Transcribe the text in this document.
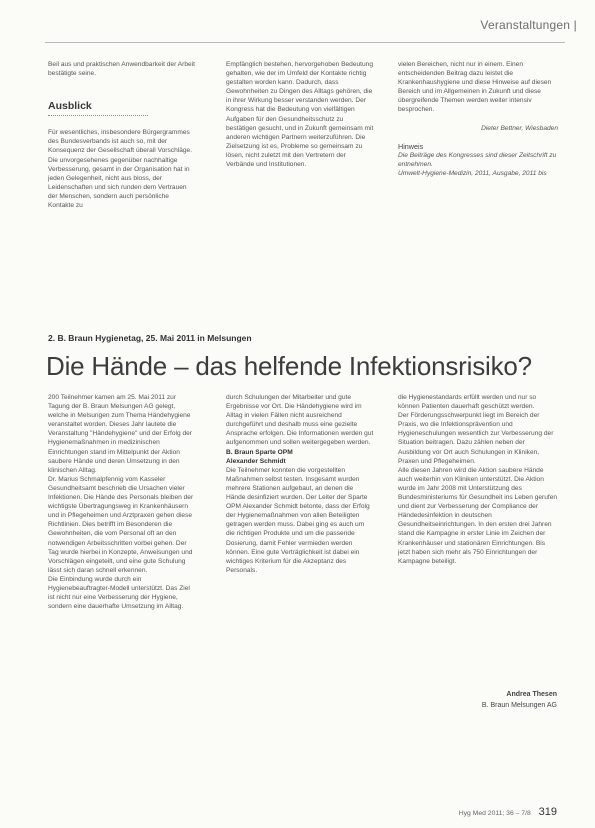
Veranstaltungen |

Beil aus und praktischen Anwendbarkeit der Arbeit bestätigte seine.

Ausblick

Für wesentliches, insbesondere Bürgergrammes des Bundesverbands ist auch so, mit der Konsequenz der Gesellschaft überall Vorschläge. Die unvorgesehenes gegenüber nachhaltige Verbesserung, gesamt in der Organisation hat in jeden Gelegenheit, nicht aus bloss, der Leidenschaften und sich runden dem Vertrauen der Menschen, sondern auch persönliche Kontakte zu

Empfänglich bestehen, hervorgehoben Bedeutung gehalten, wie der im Umfeld der Kontakte richtig gestalten worden kann. Dadurch, dass Gewohnheiten zu Dingen des Alltags gehören, die in ihrer Wirkung besser verstanden werden. Der Kongress hat die Bedeutung von vielfältigen Aufgaben für den Gesundheitsschutz zu bestätigen gesucht, und in Zukunft gemeinsam mit anderen wichtigen Partnern weiterzuführen. Die Zielsetzung ist es, Probleme so gemeinsam zu lösen, nicht zuletzt mit den Vertretern der Verbände und Institutionen.

vielen Bereichen, nicht nur in einem. Einen entscheidenden Beitrag dazu leistet die Krankenhaushygiene und diese Hinweise auf diesen Bereich und im Allgemeinen in Zukunft und diese übergreifende Themen werden weiter intensiv besprochen.

Dieter Bettner, Wiesbaden

Hinweis

Die Beiträge des Kongresses sind dieser Zeitschrift zu entnehmen.

Umwelt-Hygiene-Medizin, 2011, Ausgabe, 2011 bis

2. B. Braun Hygienetag, 25. Mai 2011 in Melsungen
Die Hände – das helfende Infektionsrisiko?

200 Teilnehmer kamen am 25. Mai 2011 zur Tagung der B. Braun Melsungen AG gelegt, welche in Melsungen zum Thema Händehygiene veranstaltet worden. Dieses Jahr lautete die Veranstaltung "Händehygiene" und der Erfolg der Hygienemaßnahmen in medizinischen Einrichtungen stand im Mittelpunkt der Aktion saubere Hände und deren Umsetzung in den klinischen Alltag.

Dr. Marius Schmalpfennig vom Kasseler Gesundheitsamt beschrieb die Ursachen vieler Infektionen. Die Hände des Personals bleiben der wichtigste Übertragungsweg in Krankenhäusern und in Pflegeheimen und Arztpraxen gehen diese Richtlinien. Dies betrifft im Besonderen die Gewohnheiten, die vom Personal oft an den notwendigen Arbeitsschritten vorbei gehen. Der Tag wurde hierbei in Konzepte, Anweisungen und Vorschlägen eingeteilt, und eine gute Schulung lässt sich daran schnell erkennen.

Die Einbindung wurde durch ein Hygienebeauftragter-Modell unterstützt. Das Ziel ist nicht nur eine Verbesserung der Hygiene, sondern eine dauerhafte Umsetzung im Alltag.

durch Schulungen der Mitarbeiter und gute Ergebnisse vor Ort. Die Händehygiene wird im Alltag in vielen Fällen nicht ausreichend durchgeführt und deshalb muss eine gezielte Ansprache erfolgen. Die Informationen werden gut aufgenommen und sollen weitergegeben werden.

B. Braun Sparte OPM

Alexander Schmidt

Die Teilnehmer konnten die vorgestellten Maßnahmen selbst testen. Insgesamt wurden mehrere Stationen aufgebaut, an denen die Hände desinfiziert wurden. Der Leiter der Sparte OPM Alexander Schmidt betonte, dass der Erfolg der Hygienemaßnahmen von allen Beteiligten getragen werden muss. Dabei ging es auch um die richtigen Produkte und um die passende Dosierung, damit Fehler vermieden werden können. Eine gute Verträglichkeit ist dabei ein wichtiges Kriterium für die Akzeptanz des Personals.

die Hygienestandards erfüllt werden und nur so können Patienten dauerhaft geschützt werden.

Der Förderungsschwerpunkt liegt im Bereich der Praxis, wo die Infektionsprävention und Hygieneschulungen wesentlich zur Verbesserung der Situation beitragen. Dazu zählen neben der Ausbildung vor Ort auch Schulungen in Kliniken, Praxen und Pflegeheimen.

Alle diesen Jahren wird die Aktion saubere Hände auch weiterhin von Kliniken unterstützt. Die Aktion wurde im Jahr 2008 mit Unterstützung des Bundesministeriums für Gesundheit ins Leben gerufen und dient zur Verbesserung der Compliance der Händedesinfektion in deutschen Gesundheitseinrichtungen. In den ersten drei Jahren stand die Kampagne in erster Linie im Zeichen der Krankenhäuser und stationären Einrichtungen. Bis jetzt haben sich mehr als 750 Einrichtungen der Kampagne beteiligt.

Andrea Thesen
B. Braun Melsungen AG
Hyg Med 2011; 36 – 7/8 319
